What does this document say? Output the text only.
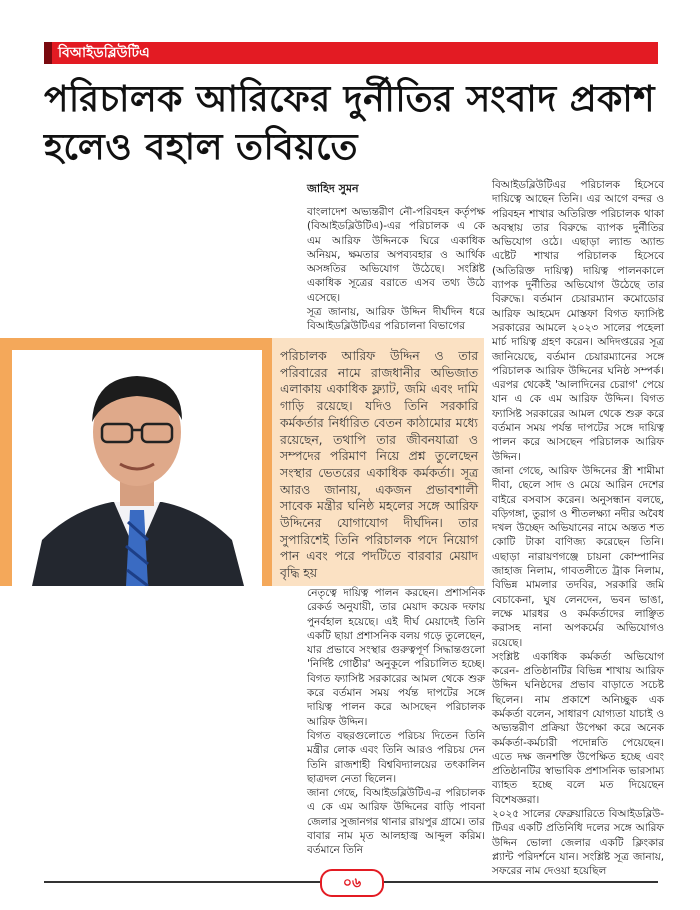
বিআইডব্লিউটিএ
পরিচালক আরিফের দুর্নীতির সংবাদ প্রকাশ হলেও বহাল তবিয়তে
জাহিদ সুমন

বাংলাদেশ অভ্যন্তরীণ নৌ-পরিবহন কর্তৃপক্ষ (বিআইডব্লিউটিএ)-এর পরিচালক এ কে এম আরিফ উদ্দিনকে ঘিরে একাধিক অনিয়ম, ক্ষমতার অপব্যবহার ও আর্থিক অসঙ্গতির অভিযোগ উঠেছে। সংশ্লিষ্ট একাধিক সূত্রের বরাতে এসব তথ্য উঠে এসেছে।

সূত্র জানায়, আরিফ উদ্দিন দীর্ঘদিন ধরে বিআইডব্লিউটিএর পরিচালনা বিভাগের

পরিচালক আরিফ উদ্দিন ও তার পরিবারের নামে রাজধানীর অভিজাত এলাকায় একাধিক ফ্ল্যাট, জমি এবং দামি গাড়ি রয়েছে। যদিও তিনি সরকারি কর্মকর্তার নির্ধারিত বেতন কাঠামোর মধ্যে রয়েছেন, তথাপি তার জীবনযাত্রা ও সম্পদের পরিমাণ নিয়ে প্রশ্ন তুলেছেন সংস্থার ভেতরের একাধিক কর্মকর্তা। সূত্র আরও জানায়, একজন প্রভাবশালী সাবেক মন্ত্রীর ঘনিষ্ঠ মহলের সঙ্গে আরিফ উদ্দিনের যোগাযোগ দীর্ঘদিন। তার সুপারিশেই তিনি পরিচালক পদে নিয়োগ পান এবং পরে পদটিতে বারবার মেয়াদ বৃদ্ধি হয়

নেতৃত্বে দায়িত্ব পালন করছেন। প্রশাসনিক রেকর্ড অনুযায়ী, তার মেয়াদ কয়েক দফায় পুনর্বহাল হয়েছে। এই দীর্ঘ মেয়াদেই তিনি একটি ছায়া প্রশাসনিক বলয় গড়ে তুলেছেন, যার প্রভাবে সংস্থার গুরুত্বপূর্ণ সিদ্ধান্তগুলো 'নির্দিষ্ট গোষ্ঠীর' অনুকূলে পরিচালিত হচ্ছে। বিগত ফ্যাসিষ্ট সরকারের আমল থেকে শুরু করে বর্তমান সময় পর্যন্ত দাপটের সঙ্গে দায়িত্ব পালন করে আসছেন পরিচালক আরিফ উদ্দিন।

বিগত বছরগুলোতে পরিচয় দিতেন তিনি মন্ত্রীর লোক এবং তিনি আরও পরিচয় দেন তিনি রাজশাহী বিশ্ববিদ্যালয়ের তৎকালিন ছাত্রদল নেতা ছিলেন।

জানা গেছে, বিআইডব্লিউটিএ-র পরিচালক এ কে এম আরিফ উদ্দিনের বাড়ি পাবনা জেলার সুজানগর থানার রায়পুর গ্রামে। তার বাবার নাম মৃত আলহাজ্ব আব্দুল করিম। বর্তমানে তিনি

বিআইডব্লিউটিএর পরিচালক হিসেবে দায়িত্বে আছেন তিনি। এর আগে বন্দর ও পরিবহন শাখার অতিরিক্ত পরিচালক থাকা অবস্থায় তার বিরুদ্ধে ব্যাপক দুর্নীতির অভিযোগ ওঠে। এছাড়া ল্যান্ড অ্যান্ড এষ্টেট শাখার পরিচালক হিসেবে (অতিরিক্ত দায়িত্ব) দায়িত্ব পালনকালে ব্যাপক দুর্নীতির অভিযোগ উঠেছে তার বিরুদ্ধে। বর্তমান চেয়ারম্যান কমোডোর আরিফ আহমেদ মোস্তফা বিগত ফ্যাসিষ্ট সরকারের আমলে ২০২৩ সালের পহেলা মার্চ দায়িত্ব গ্রহণ করেন। অদিদপ্তরের সূত্র জানিয়েছে, বর্তমান চেয়ারম্যানের সঙ্গে পরিচালক আরিফ উদ্দিনের ঘনিষ্ঠ সম্পর্ক। এরপর থেকেই 'আলাদিনের চেরাগ' পেয়ে যান এ কে এম আরিফ উদ্দিন। বিগত ফ্যাসিষ্ট সরকারের আমল থেকে শুরু করে বর্তমান সময় পর্যন্ত দাপটের সঙ্গে দায়িত্ব পালন করে আসছেন পরিচালক আরিফ উদ্দিন।

জানা গেছে, আরিফ উদ্দিনের স্ত্রী শামীমা দীবা, ছেলে সাদ ও মেয়ে আরিন দেশের বাইরে বসবাস করেন। অনুসন্ধান বলছে, বড়িগঙ্গা, তুরাগ ও শীতলক্ষ্যা নদীর অবৈধ দখল উচ্ছেদ অভিযানের নামে অন্তত শত কোটি টাকা বাণিজ্য করেছেন তিনি। এছাড়া নারায়ণগঞ্জে চায়না কোম্পানির জাহাজ নিলাম, গাবতলীতে ট্রাক নিলাম, বিভিন্ন মামলার তদবির, সরকারি জমি বেচাকেনা, ঘুষ লেনদেন, ভবন ভাঙা, লক্ষে মারধর ও কর্মকর্তাদের লাঞ্ছিত করাসহ নানা অপকর্মের অভিযোগও রয়েছে।

সংশ্লিষ্ট একাধিক কর্মকর্তা অভিযোগ করেন- প্রতিষ্ঠানটির বিভিন্ন শাখায় আরিফ উদ্দিন ঘনিষ্ঠদের প্রভাব বাড়াতে সচেষ্ট ছিলেন। নাম প্রকাশে অনিচ্ছুক এক কর্মকর্তা বলেন, সাধারণ যোগ্যতা যাচাই ও অভ্যন্তরীণ প্রক্রিয়া উপেক্ষা করে অনেক কর্মকর্তা-কর্মচারী পদোন্নতি পেয়েছেন। এতে দক্ষ জনশক্তি উপেক্ষিত হচ্ছে এবং প্রতিষ্ঠানটির স্বাভাবিক প্রশাসনিক ভারসাম্য ব্যাহত হচ্ছে বলে মত দিয়েছেন বিশেষজ্ঞরা।

২০২৫ সালের ফেব্রুয়ারিতে বিআইডব্লিউ-টিএর একটি প্রতিনিধি দলের সঙ্গে আরিফ উদ্দিন ভোলা জেলার একটি ক্লিংকার প্ল্যান্ট পরিদর্শনে যান। সংশ্লিষ্ট সূত্র জানায়, সফরের নাম দেওয়া হয়েছিল

০৬
